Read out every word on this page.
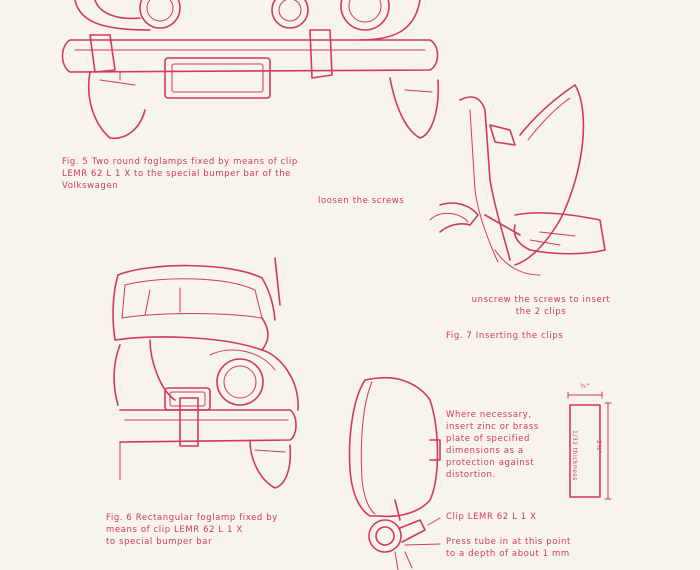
Fig. 5 Two round foglamps fixed by means of clip
LEMR 62 L 1 X to the special bumper bar of the
Volkswagen
loosen the screws
unscrew the screws to insert
the 2 clips
Fig. 7 Inserting the clips
Fig. 6 Rectangular foglamp fixed by
means of clip LEMR 62 L 1 X
to special bumper bar
Where necessary,
insert zinc or brass
plate of specified
dimensions as a
protection against
distortion.
Clip LEMR 62 L 1 X
Press tube in at this point
to a depth of about 1 mm
¾"
2⅛"
1/32 thickness
